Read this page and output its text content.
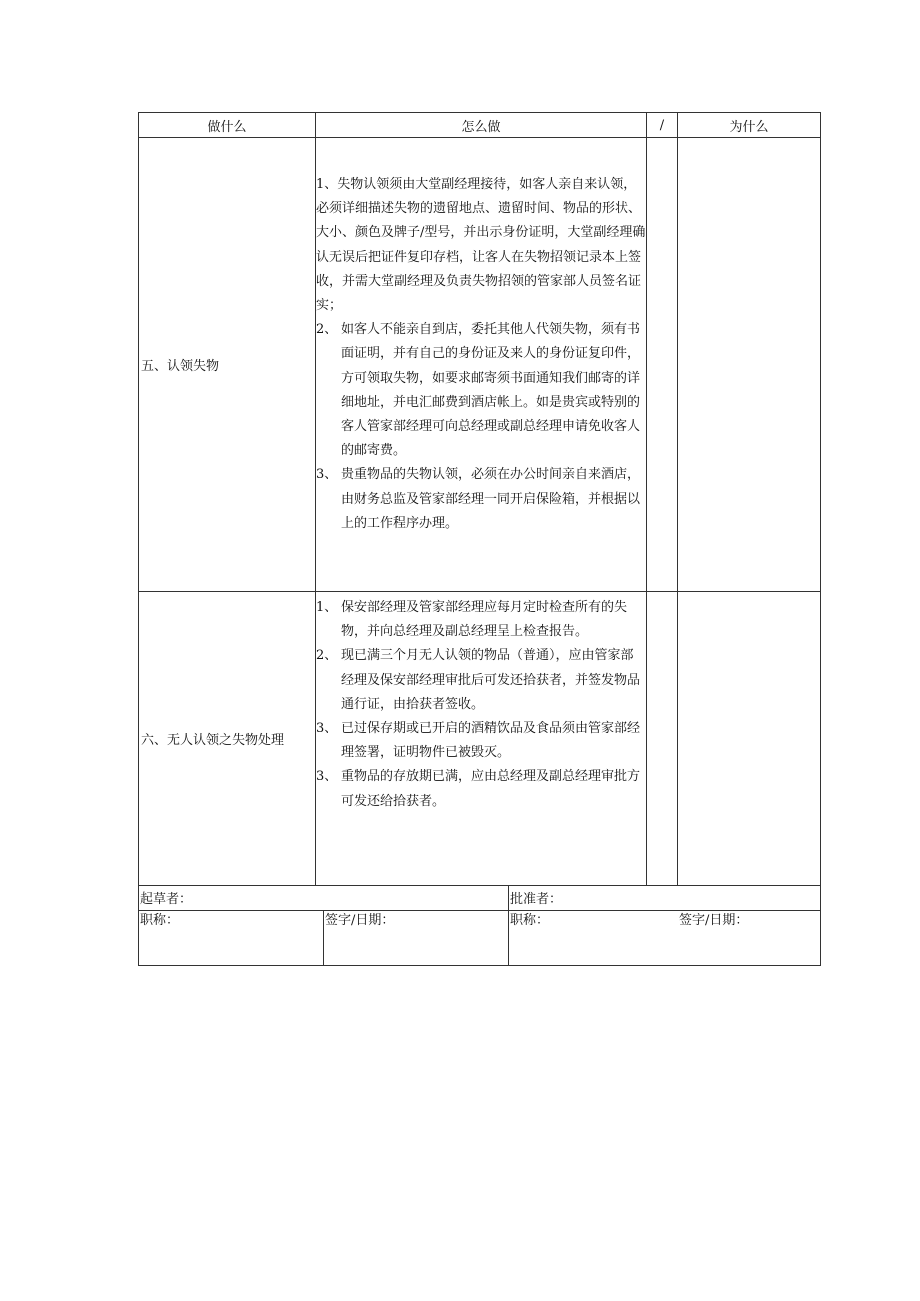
做什么	怎么做	/	为什么
五、认领失物	1、失物认领须由大堂副经理接待，如客人亲自来认领，必须详细描述失物的遗留地点、遗留时间、物品的形状、大小、颜色及牌子/型号，并出示身份证明，大堂副经理确认无误后把证件复印存档，让客人在失物招领记录本上签收，并需大堂副经理及负责失物招领的管家部人员签名证实；
2、 如客人不能亲自到店，委托其他人代领失物，须有书面证明，并有自己的身份证及来人的身份证复印件，方可领取失物，如要求邮寄须书面通知我们邮寄的详细地址，并电汇邮费到酒店帐上。如是贵宾或特别的客人管家部经理可向总经理或副总经理申请免收客人的邮寄费。
3、 贵重物品的失物认领，必须在办公时间亲自来酒店，由财务总监及管家部经理一同开启保险箱，并根据以上的工作程序办理。		

六、无人认领之失物处理	1、 保安部经理及管家部经理应每月定时检查所有的失物，并向总经理及副总经理呈上检查报告。
2、 现已满三个月无人认领的物品（普通），应由管家部经理及保安部经理审批后可发还拾获者，并签发物品通行证，由拾获者签收。
3、 已过保存期或已开启的酒精饮品及食品须由管家部经理签署，证明物件已被毁灭。
3、 重物品的存放期已满，应由总经理及副总经理审批方可发还给拾获者。		

起草者：		批准者：

职称：	签字/日期：	职称： 签字/日期：
